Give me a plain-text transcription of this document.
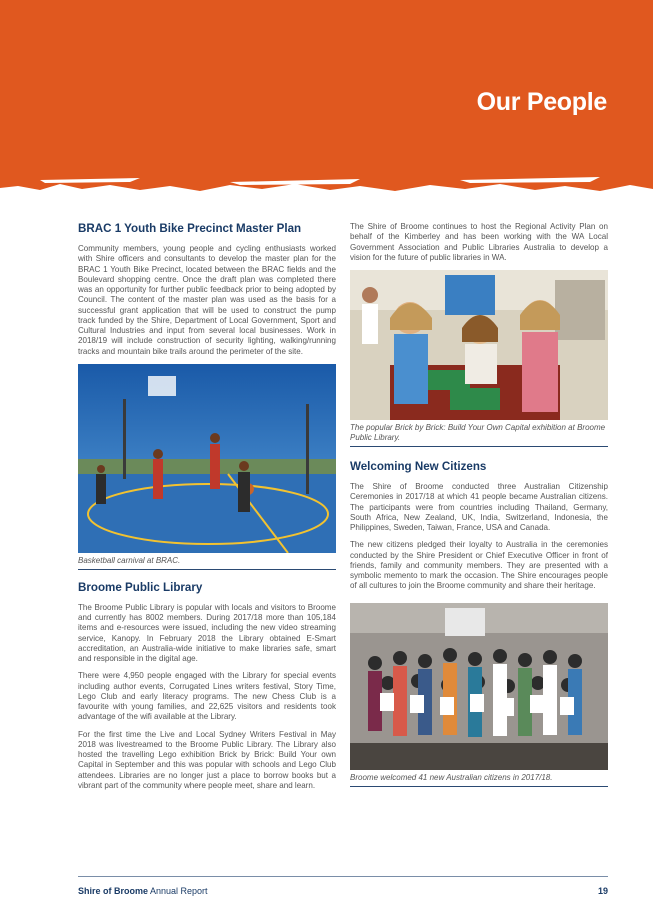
Our People
BRAC 1 Youth Bike Precinct Master Plan

Community members, young people and cycling enthusiasts worked with Shire officers and consultants to develop the master plan for the BRAC 1 Youth Bike Precinct, located between the BRAC fields and the Boulevard shopping centre. Once the draft plan was completed there was an opportunity for further public feedback prior to being adopted by Council. The content of the master plan was used as the basis for a successful grant application that will be used to construct the pump track funded by the Shire, Department of Local Government, Sport and Cultural Industries and input from several local businesses. Work in 2018/19 will include construction of security lighting, walking/running tracks and mountain bike trails around the perimeter of the site.

Basketball carnival at BRAC.
Broome Public Library

The Broome Public Library is popular with locals and visitors to Broome and currently has 8002 members. During 2017/18 more than 105,184 items and e-resources were issued, including the new video streaming service, Kanopy. In February 2018 the Library obtained E-Smart accreditation, an Australia-wide initiative to make libraries safe, smart and responsible in the digital age.

There were 4,950 people engaged with the Library for special events including author events, Corrugated Lines writers festival, Story Time, Lego Club and early literacy programs. The new Chess Club is a favourite with young families, and 22,625 visitors and residents took advantage of the wifi available at the Library.

For the first time the Live and Local Sydney Writers Festival in May 2018 was livestreamed to the Broome Public Library. The Library also hosted the travelling Lego exhibition Brick by Brick: Build Your own Capital in September and this was popular with schools and Lego Club attendees. Libraries are no longer just a place to borrow books but a vibrant part of the community where people meet, share and learn.

The Shire of Broome continues to host the Regional Activity Plan on behalf of the Kimberley and has been working with the WA Local Government Association and Public Libraries Australia to develop a vision for the future of public libraries in WA.

The popular Brick by Brick: Build Your Own Capital exhibition at Broome Public Library.
Welcoming New Citizens

The Shire of Broome conducted three Australian Citizenship Ceremonies in 2017/18 at which 41 people became Australian citizens. The participants were from countries including Thailand, Germany, South Africa, New Zealand, UK, India, Switzerland, Indonesia, the Philippines, Sweden, Taiwan, France, USA and Canada.

The new citizens pledged their loyalty to Australia in the ceremonies conducted by the Shire President or Chief Executive Officer in front of friends, family and community members. They are presented with a symbolic memento to mark the occasion. The Shire encourages people of all cultures to join the Broome community and share their heritage.

Broome welcomed 41 new Australian citizens in 2017/18.
Shire of Broome Annual Report	19
